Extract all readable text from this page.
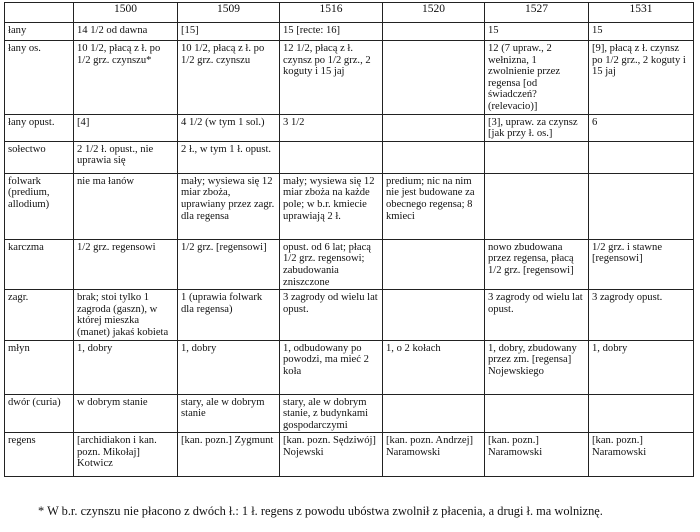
	1500	1509	1516	1520	1527	1531
łany	14 1/2 od dawna	[15]	15 [recte: 16]		15	15
łany os.	10 1/2, płacą z ł. po 1/2 grz. czynszu*	10 1/2, płacą z ł. po 1/2 grz. czynszu	12 1/2, płacą z ł. czynsz po 1/2 grz., 2 koguty i 15 jaj		12 (7 upraw., 2 wełnizna, 1 zwolnienie przez regensa [od świadczeń? (relevacio)]	[9], płacą z ł. czynsz po 1/2 grz., 2 koguty i 15 jaj
łany opust.	[4]	4 1/2 (w tym 1 sol.)	3 1/2		[3], upraw. za czynsz [jak przy ł. os.]	6
sołectwo	2 1/2 ł. opust., nie uprawia się	2 ł., w tym 1 ł. opust.				
folwark (predium, allodium)	nie ma łanów	mały; wysiewa się 12 miar zboża, uprawiany przez zagr. dla regensa	mały; wysiewa się 12 miar zboża na każde pole; w b.r. kmiecie uprawiają 2 ł.	predium; nic na nim nie jest budowane za obecnego regensa; 8 kmieci		
karczma	1/2 grz. regensowi	1/2 grz. [regensowi]	opust. od 6 lat; płacą 1/2 grz. regensowi; zabudowania zniszczone		nowo zbudowana przez regensa, płacą 1/2 grz. [regensowi]	1/2 grz. i stawne [regensowi]
zagr.	brak; stoi tylko 1 zagroda (gaszn), w której mieszka (manet) jakaś kobieta	1 (uprawia folwark dla regensa)	3 zagrody od wielu lat opust.		3 zagrody od wielu lat opust.	3 zagrody opust.
młyn	1, dobry	1, dobry	1, odbudowany po powodzi, ma mieć 2 koła	1, o 2 kołach	1, dobry, zbudowany przez zm. [regensa] Nojewskiego	1, dobry
dwór (curia)	w dobrym stanie	stary, ale w dobrym stanie	stary, ale w dobrym stanie, z budynkami gospodarczymi			
regens	[archidiakon i kan. pozn. Mikołaj] Kotwicz	[kan. pozn.] Zygmunt	[kan. pozn. Sędziwój] Nojewski	[kan. pozn. Andrzej] Naramowski	[kan. pozn.] Naramowski	[kan. pozn.] Naramowski
* W b.r. czynszu nie płacono z dwóch ł.: 1 ł. regens z powodu ubóstwa zwolnił z płacenia, a drugi ł. ma wolniznę.
